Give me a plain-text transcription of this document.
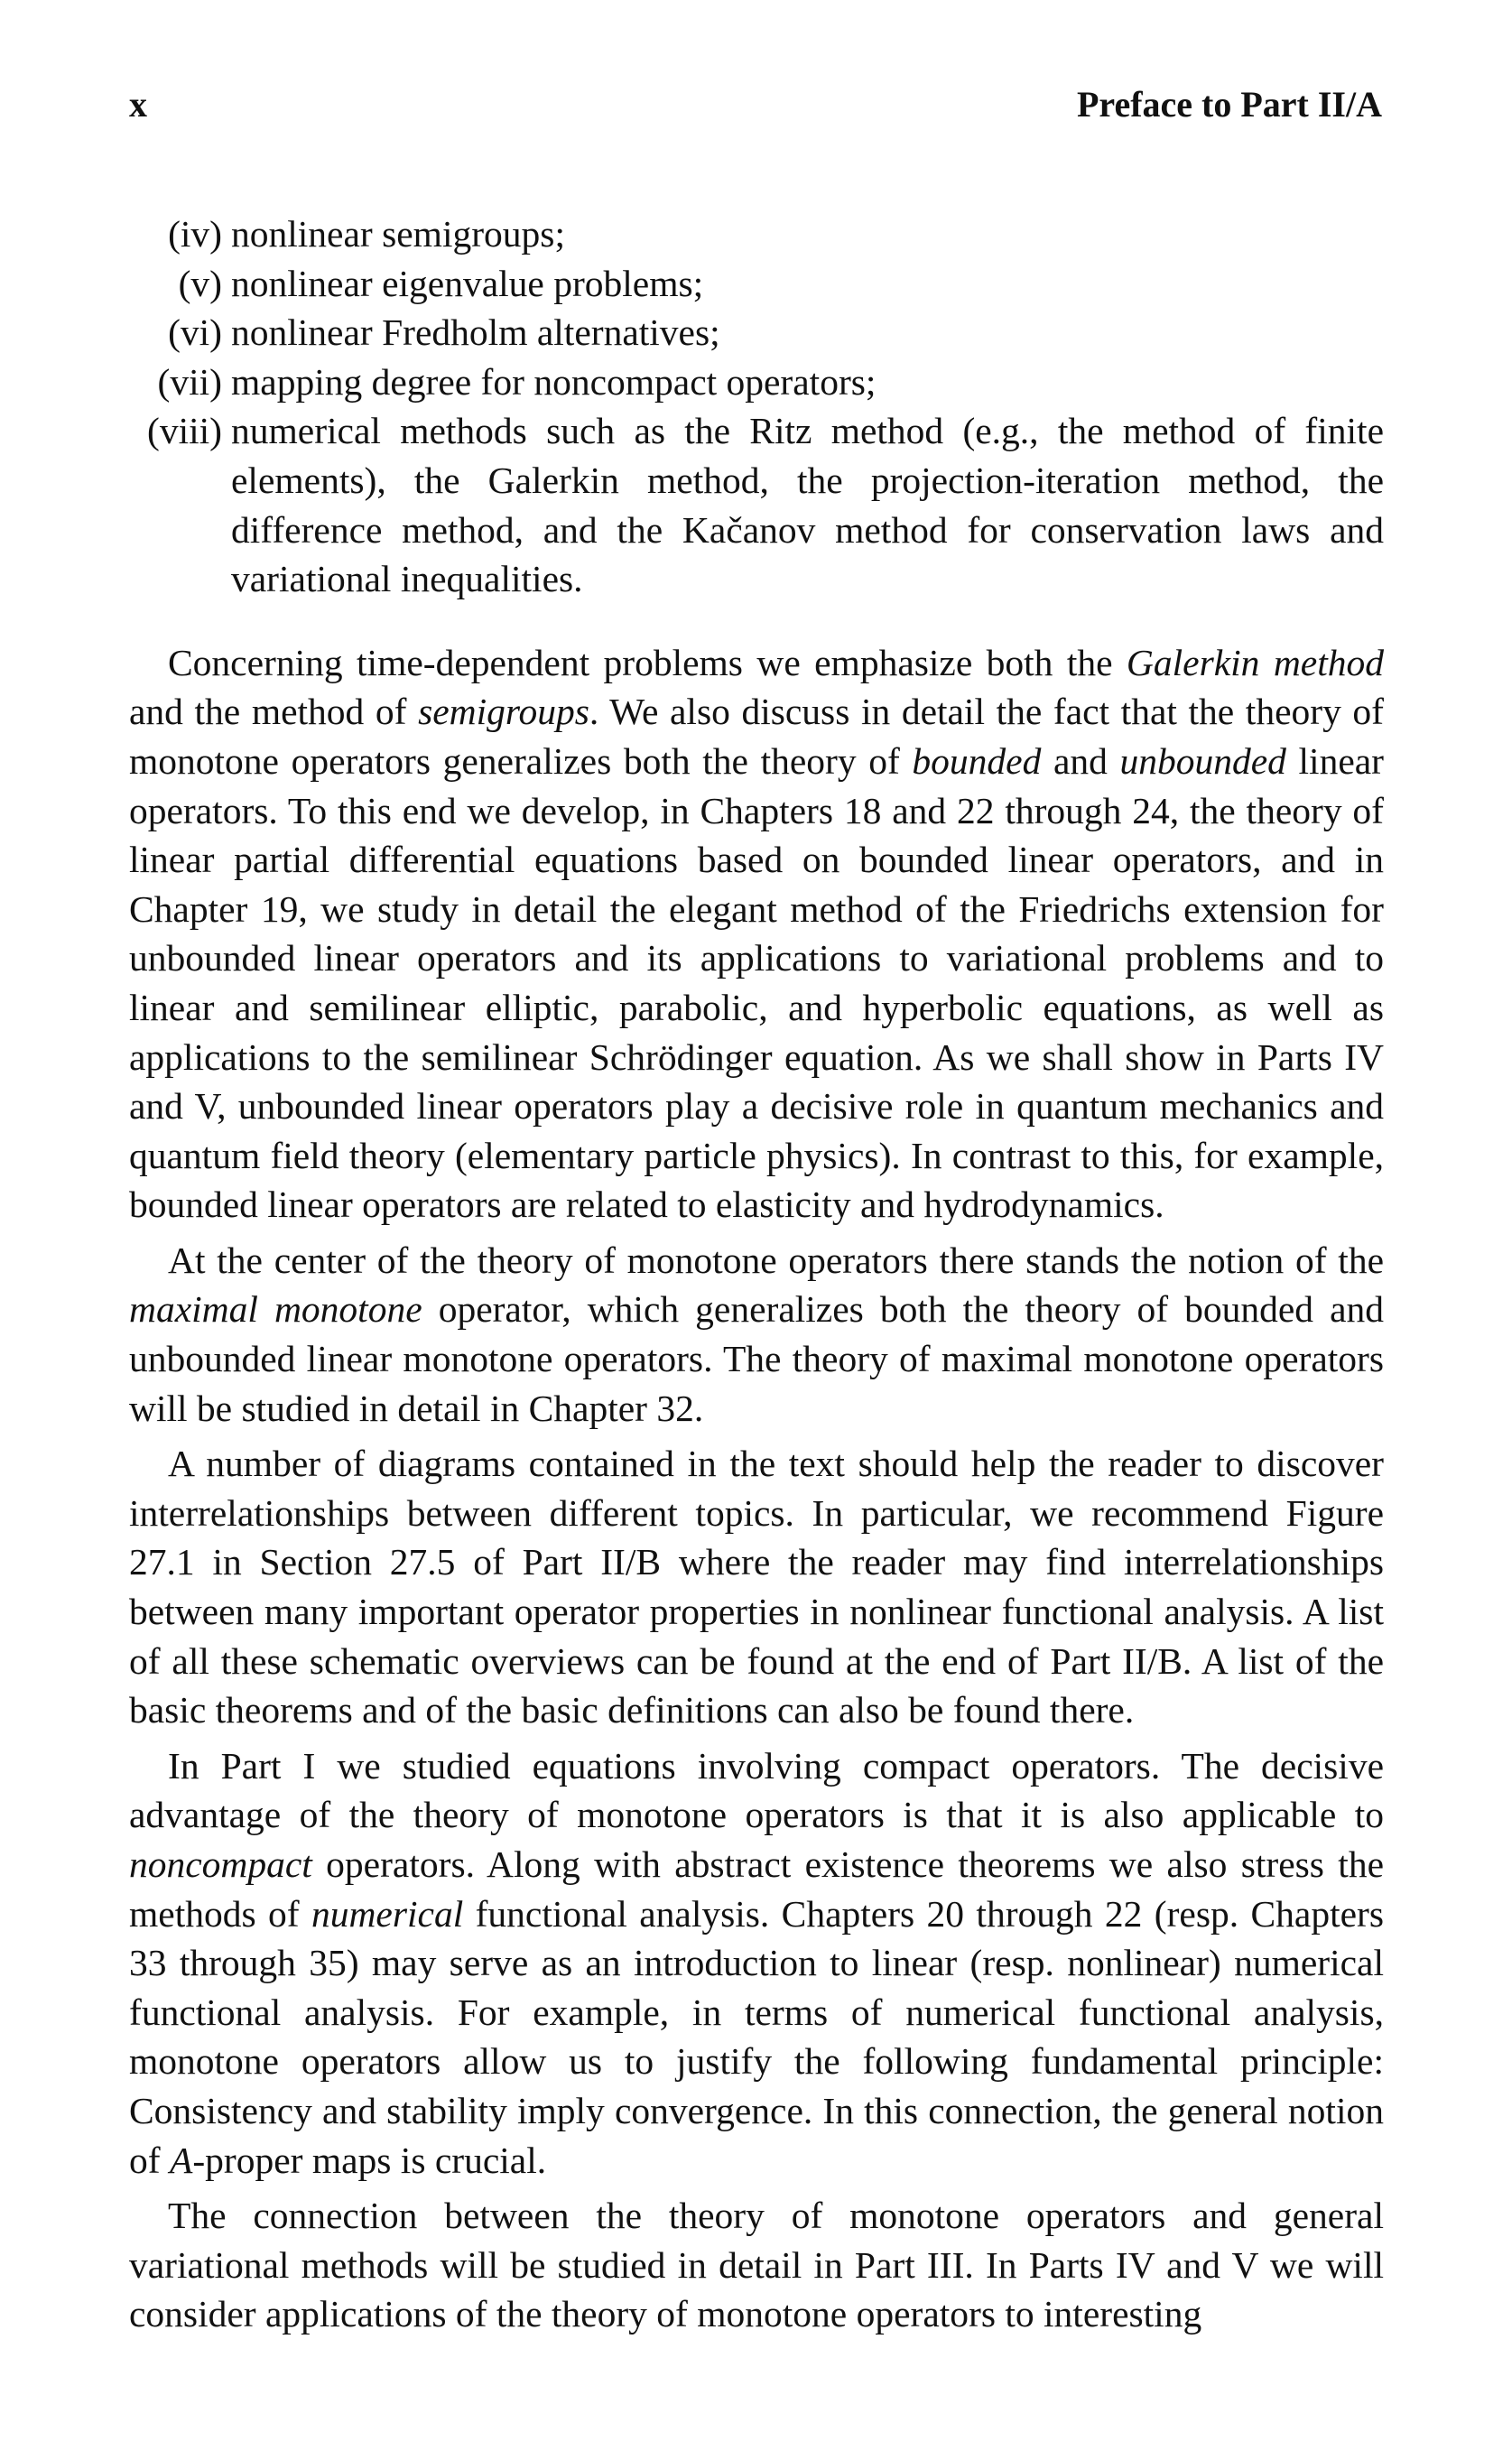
x	Preface to Part II/A
(iv) nonlinear semigroups;
(v) nonlinear eigenvalue problems;
(vi) nonlinear Fredholm alternatives;
(vii) mapping degree for noncompact operators;
(viii) numerical methods such as the Ritz method (e.g., the method of finite elements), the Galerkin method, the projection-iteration method, the difference method, and the Kačanov method for conservation laws and variational inequalities.

Concerning time-dependent problems we emphasize both the Galerkin method and the method of semigroups. We also discuss in detail the fact that the theory of monotone operators generalizes both the theory of bounded and unbounded linear operators. To this end we develop, in Chapters 18 and 22 through 24, the theory of linear partial differential equations based on bounded linear operators, and in Chapter 19, we study in detail the elegant method of the Friedrichs extension for unbounded linear operators and its applications to variational problems and to linear and semilinear elliptic, parabolic, and hyperbolic equations, as well as applications to the semilinear Schrödinger equation. As we shall show in Parts IV and V, unbounded linear operators play a decisive role in quantum mechanics and quantum field theory (elementary particle physics). In contrast to this, for example, bounded linear operators are related to elasticity and hydrodynamics.

At the center of the theory of monotone operators there stands the notion of the maximal monotone operator, which generalizes both the theory of bounded and unbounded linear monotone operators. The theory of maximal monotone operators will be studied in detail in Chapter 32.

A number of diagrams contained in the text should help the reader to discover interrelationships between different topics. In particular, we recommend Figure 27.1 in Section 27.5 of Part II/B where the reader may find interrelationships between many important operator properties in nonlinear functional analysis. A list of all these schematic overviews can be found at the end of Part II/B. A list of the basic theorems and of the basic definitions can also be found there.

In Part I we studied equations involving compact operators. The decisive advantage of the theory of monotone operators is that it is also applicable to noncompact operators. Along with abstract existence theorems we also stress the methods of numerical functional analysis. Chapters 20 through 22 (resp. Chapters 33 through 35) may serve as an introduction to linear (resp. nonlinear) numerical functional analysis. For example, in terms of numerical functional analysis, monotone operators allow us to justify the following fundamental principle: Consistency and stability imply convergence. In this connection, the general notion of A-proper maps is crucial.

The connection between the theory of monotone operators and general variational methods will be studied in detail in Part III. In Parts IV and V we will consider applications of the theory of monotone operators to interesting
